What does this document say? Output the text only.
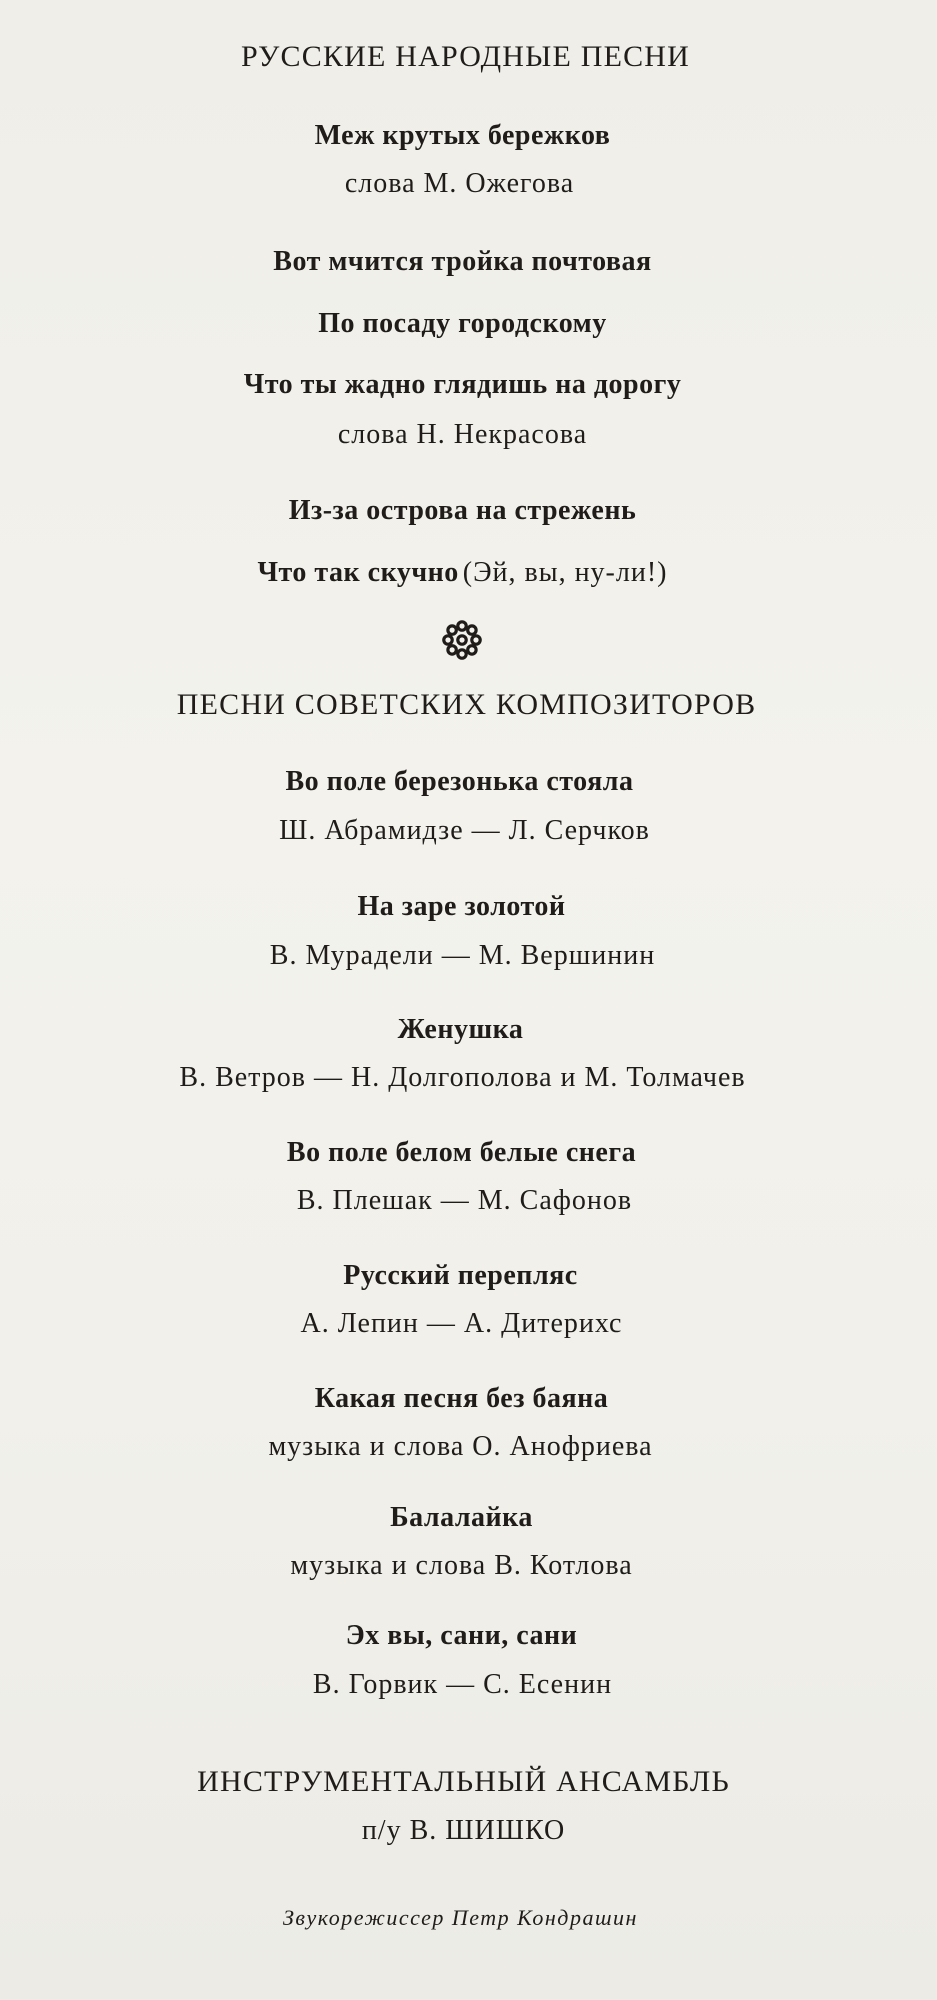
РУССКИЕ НАРОДНЫЕ ПЕСНИ
Меж крутых бережков
слова М. Ожегова
Вот мчится тройка почтовая
По посаду городскому
Что ты жадно глядишь на дорогу
слова Н. Некрасова
Из-за острова на стрежень
Что так скучно (Эй, вы, ну-ли!)
ПЕСНИ СОВЕТСКИХ КОМПОЗИТОРОВ
Во поле березонька стояла
Ш. Абрамидзе — Л. Серчков
На заре золотой
В. Мурадели — М. Вершинин
Женушка
В. Ветров — Н. Долгополова и М. Толмачев
Во поле белом белые снега
В. Плешак — М. Сафонов
Русский перепляс
А. Лепин — А. Дитерихс
Какая песня без баяна
музыка и слова О. Анофриева
Балалайка
музыка и слова В. Котлова
Эх вы, сани, сани
В. Горвик — С. Есенин
ИНСТРУМЕНТАЛЬНЫЙ АНСАМБЛЬ
п/у В. ШИШКО
Звукорежиссер Петр Кондрашин
